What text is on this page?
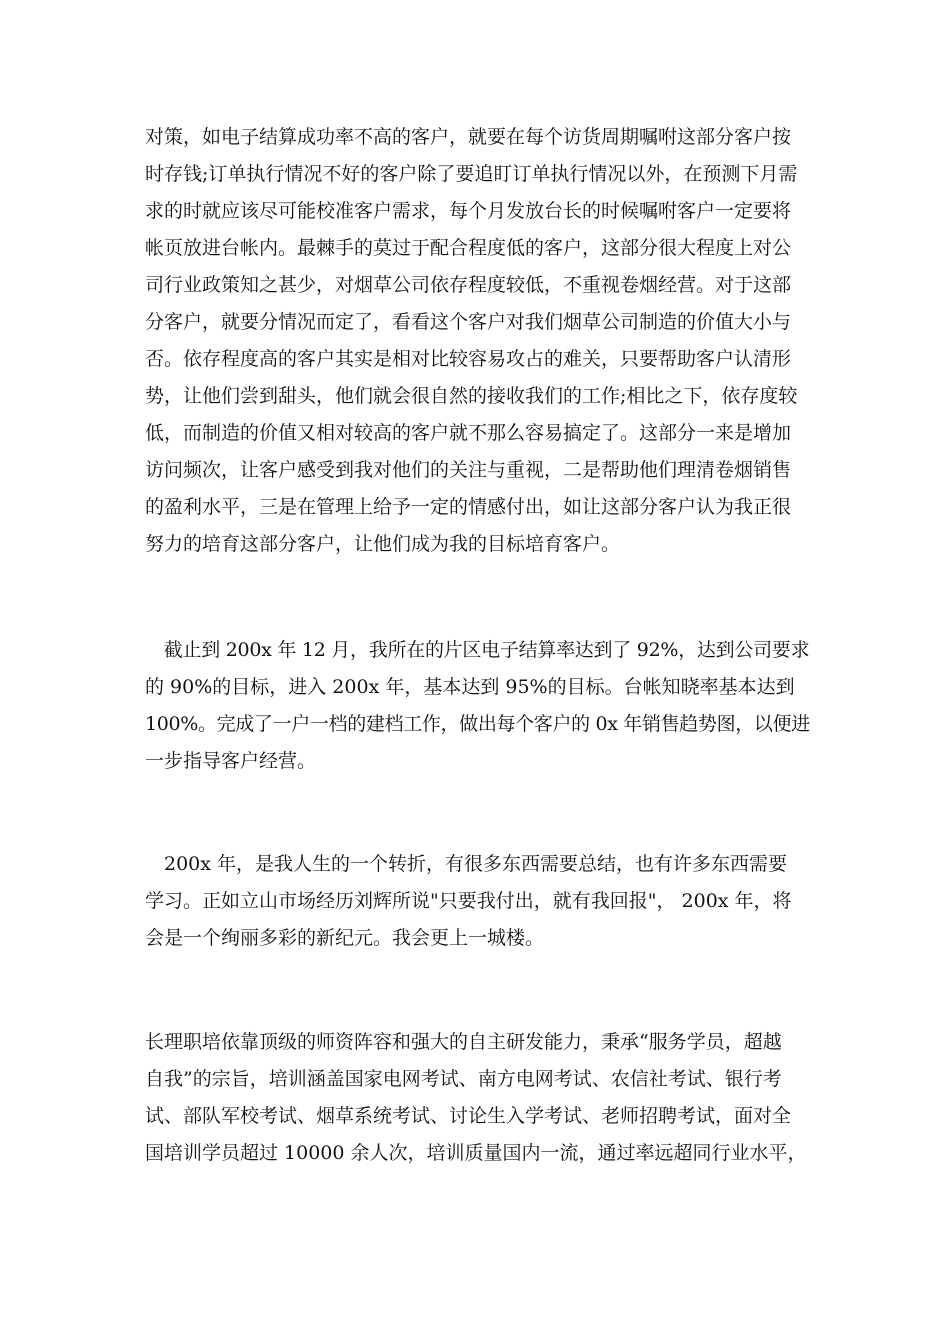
对策，如电子结算成功率不高的客户，就要在每个访货周期嘱咐这部分客户按
时存钱;订单执行情况不好的客户除了要追盯订单执行情况以外，在预测下月需
求的时就应该尽可能校准客户需求，每个月发放台长的时候嘱咐客户一定要将
帐页放进台帐内。最棘手的莫过于配合程度低的客户，这部分很大程度上对公
司行业政策知之甚少，对烟草公司依存程度较低，不重视卷烟经营。对于这部
分客户，就要分情况而定了，看看这个客户对我们烟草公司制造的价值大小与
否。依存程度高的客户其实是相对比较容易攻占的难关，只要帮助客户认清形
势，让他们尝到甜头，他们就会很自然的接收我们的工作;相比之下，依存度较
低，而制造的价值又相对较高的客户就不那么容易搞定了。这部分一来是增加
访问频次，让客户感受到我对他们的关注与重视，二是帮助他们理清卷烟销售
的盈利水平，三是在管理上给予一定的情感付出，如让这部分客户认为我正很
努力的培育这部分客户，让他们成为我的目标培育客户。
　截止到 200x 年 12 月，我所在的片区电子结算率达到了 92%，达到公司要求
的 90%的目标，进入 200x 年，基本达到 95%的目标。台帐知晓率基本达到
100%。完成了一户一档的建档工作，做出每个客户的 0x 年销售趋势图，以便进
一步指导客户经营。
　200x 年，是我人生的一个转折，有很多东西需要总结，也有许多东西需要
学习。正如立山市场经历刘辉所说"只要我付出，就有我回报"， 200x 年，将
会是一个绚丽多彩的新纪元。我会更上一城楼。
长理职培依靠顶级的师资阵容和强大的自主研发能力，秉承“服务学员，超越
自我”的宗旨，培训涵盖国家电网考试、南方电网考试、农信社考试、银行考
试、部队军校考试、烟草系统考试、讨论生入学考试、老师招聘考试，面对全
国培训学员超过 10000 余人次，培训质量国内一流，通过率远超同行业水平，
